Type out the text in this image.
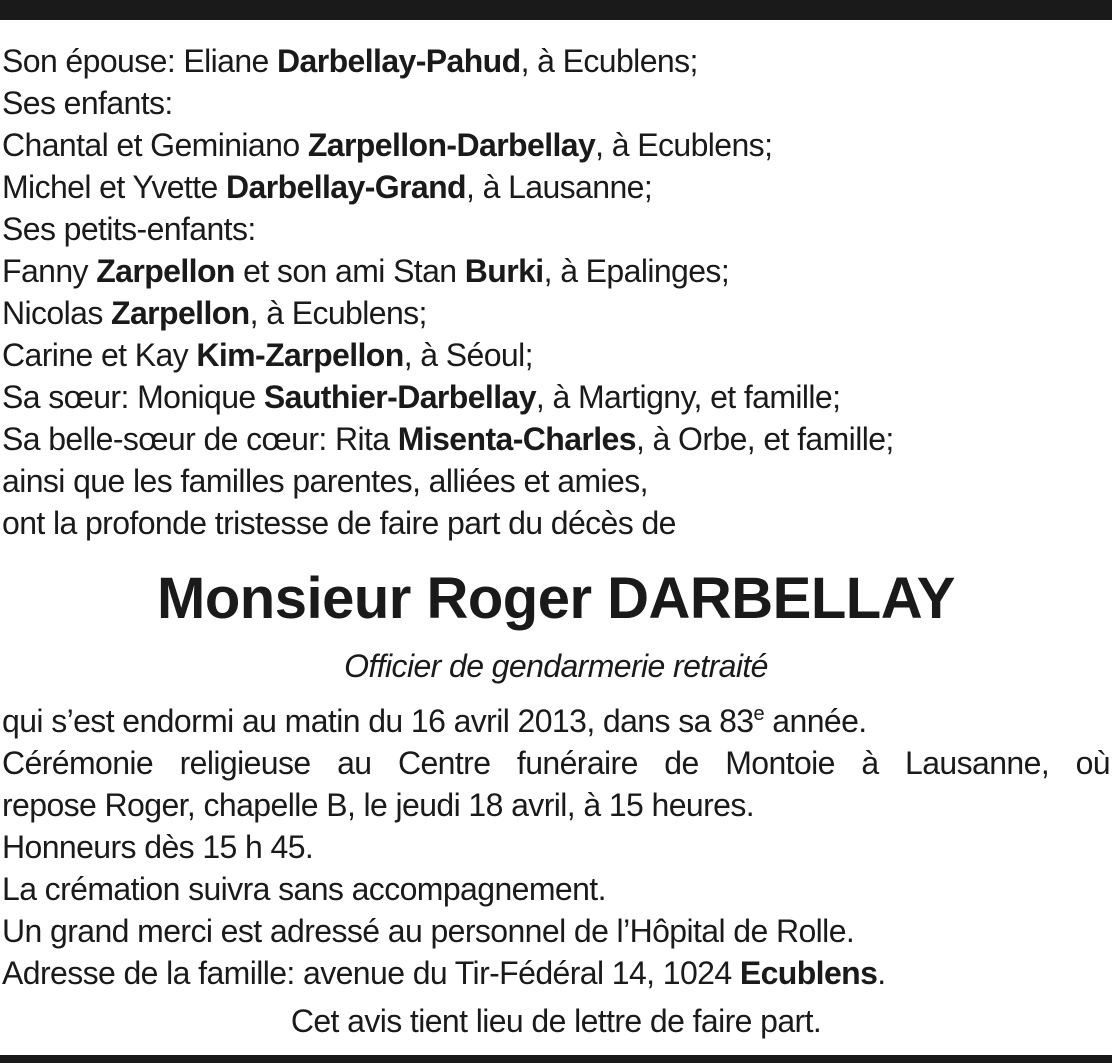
Son épouse: Eliane Darbellay-Pahud, à Ecublens;
Ses enfants:
Chantal et Geminiano Zarpellon-Darbellay, à Ecublens;
Michel et Yvette Darbellay-Grand, à Lausanne;
Ses petits-enfants:
Fanny Zarpellon et son ami Stan Burki, à Epalinges;
Nicolas Zarpellon, à Ecublens;
Carine et Kay Kim-Zarpellon, à Séoul;
Sa sœur: Monique Sauthier-Darbellay, à Martigny, et famille;
Sa belle-sœur de cœur: Rita Misenta-Charles, à Orbe, et famille;
ainsi que les familles parentes, alliées et amies,
ont la profonde tristesse de faire part du décès de
Monsieur Roger DARBELLAY
Officier de gendarmerie retraité
qui s’est endormi au matin du 16 avril 2013, dans sa 83e année.
Cérémonie religieuse au Centre funéraire de Montoie à Lausanne, où
repose Roger, chapelle B, le jeudi 18 avril, à 15 heures.
Honneurs dès 15 h 45.
La crémation suivra sans accompagnement.
Un grand merci est adressé au personnel de l’Hôpital de Rolle.
Adresse de la famille: avenue du Tir-Fédéral 14, 1024 Ecublens.
Cet avis tient lieu de lettre de faire part.
